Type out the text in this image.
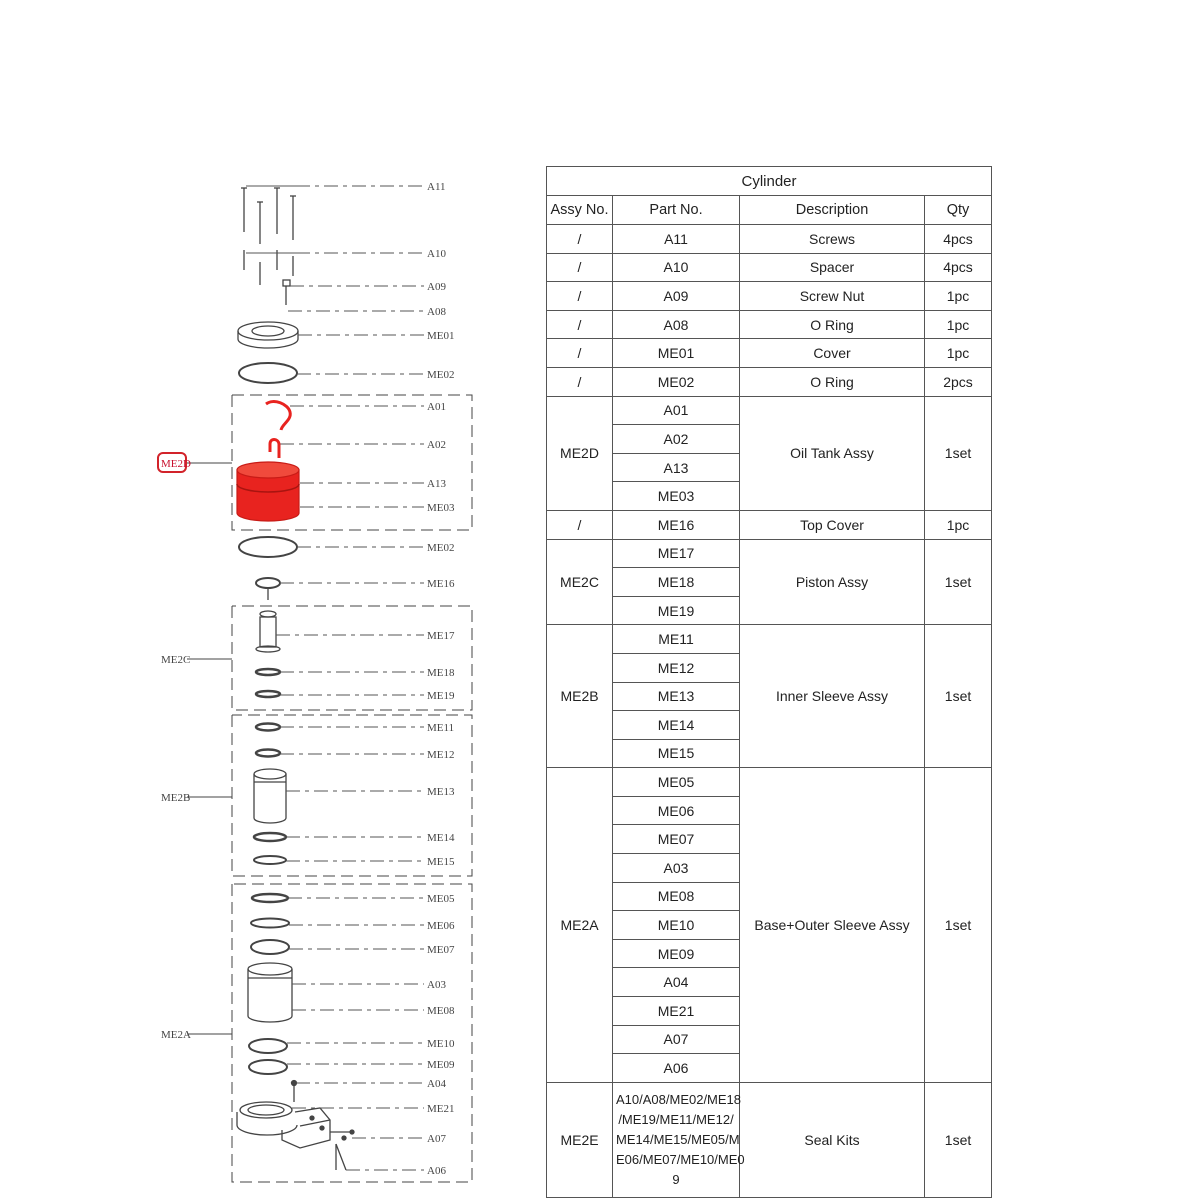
A11
A10
A09
A08
ME01
ME02
A01
A02
A13
ME03
ME02
ME16
ME17
ME18
ME19
ME11
ME12
ME13
ME14
ME15
ME05
ME06
ME07
A03
ME08
ME10
ME09
A04
ME21
A07
A06
ME2D
ME2C
ME2B
ME2A
Cylinder			
Assy No.	Part No.	Description	Qty
/	A11	Screws	4pcs
/	A10	Spacer	4pcs
/	A09	Screw Nut	1pc
/	A08	O Ring	1pc
/	ME01	Cover	1pc
/	ME02	O Ring	2pcs
ME2D	A01	Oil Tank Assy	1set
	A02		
	A13		
	ME03		
/	ME16	Top Cover	1pc
ME2C	ME17	Piston Assy	1set
	ME18		
	ME19		
ME2B	ME11	Inner Sleeve Assy	1set
	ME12		
	ME13		
	ME14		
	ME15		
ME2A	ME05	Base+Outer Sleeve Assy	1set
	ME06		
	ME07		
	A03		
	ME08		
	ME10		
	ME09		
	A04		
	ME21		
	A07		
	A06		
ME2E	A10/A08/ME02/ME18 /ME19/ME11/ME12/ ME14/ME15/ME05/M E06/ME07/ME10/ME0 9	Seal Kits	1set
